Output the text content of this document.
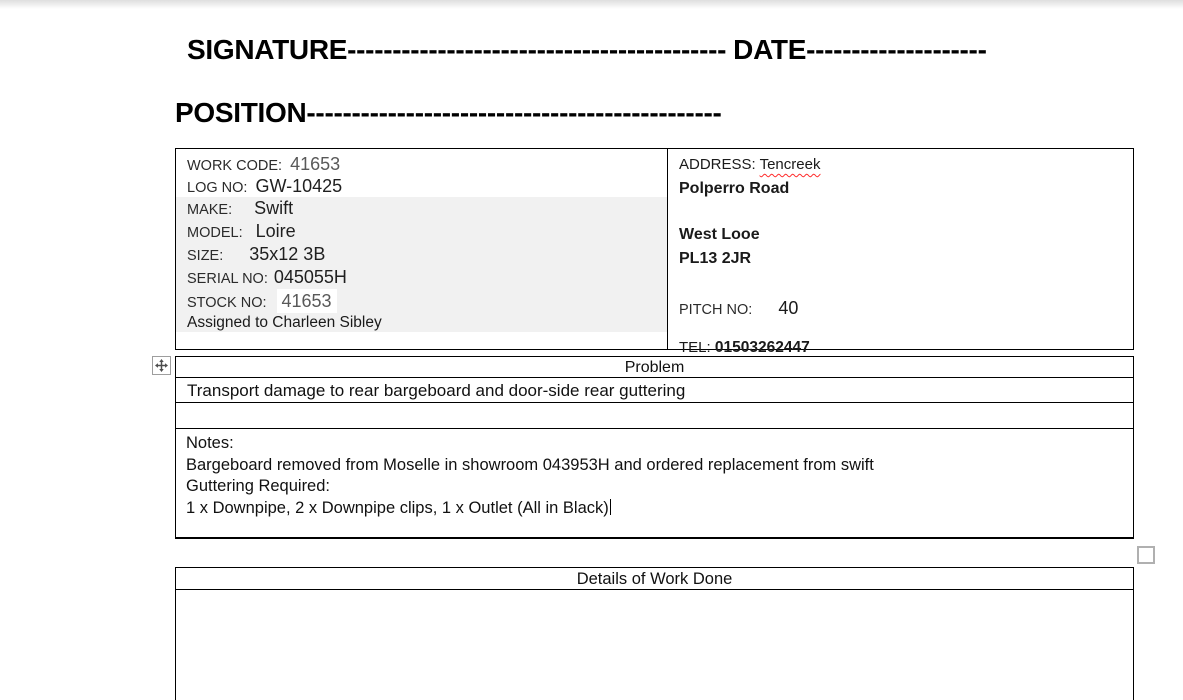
SIGNATURE------------------------------------------ DATE--------------------
POSITION----------------------------------------------
WORK CODE: 41653
LOG NO: GW-10425
MAKE: Swift
MODEL: Loire
SIZE: 35x12 3B
SERIAL NO: 045055H
STOCK NO: 41653
Assigned to Charleen Sibley
ADDRESS: Tencreek
Polperro Road
West Looe
PL13 2JR
PITCH NO: 40
TEL: 01503262447
Problem
Transport damage to rear bargeboard and door-side rear guttering
Notes:
Bargeboard removed from Moselle in showroom 043953H and ordered replacement from swift
Guttering Required:
1 x Downpipe, 2 x Downpipe clips, 1 x Outlet (All in Black)
Details of Work Done
